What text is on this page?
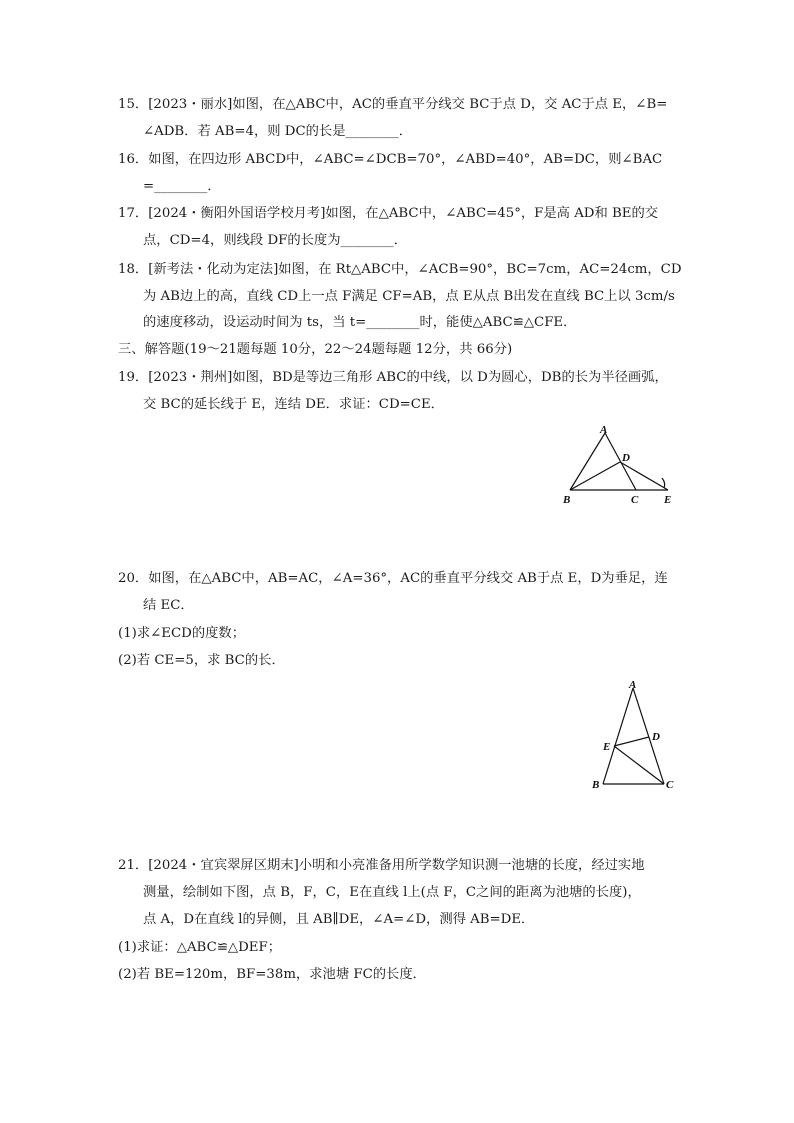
15．[2023・丽水]如图，在△ABC中，AC的垂直平分线交 BC于点 D，交 AC于点 E，∠B=
∠ADB．若 AB=4，则 DC的长是________．
16．如图，在四边形 ABCD中，∠ABC=∠DCB=70°，∠ABD=40°，AB=DC，则∠BAC
=________．
17．[2024・衡阳外国语学校月考]如图，在△ABC中，∠ABC=45°，F是高 AD和 BE的交
点，CD=4，则线段 DF的长度为________．
18．[新考法・化动为定法]如图，在 Rt△ABC中，∠ACB=90°，BC=7cm，AC=24cm，CD
为 AB边上的高，直线 CD上一点 F满足 CF=AB，点 E从点 B出发在直线 BC上以 3cm/s
的速度移动，设运动时间为 ts，当 t=________时，能使△ABC≌△CFE．
三、解答题(19～21题每题 10分，22～24题每题 12分，共 66分)
19．[2023・荆州]如图，BD是等边三角形 ABC的中线，以 D为圆心，DB的长为半径画弧，
交 BC的延长线于 E，连结 DE．求证：CD=CE．
A
D
B	C E
20．如图，在△ABC中，AB=AC，∠A=36°，AC的垂直平分线交 AB于点 E，D为垂足，连
结 EC．
(1)求∠ECD的度数；
(2)若 CE=5，求 BC的长．
A
D
E
B	C
21．[2024・宜宾翠屏区期末]小明和小亮准备用所学数学知识测一池塘的长度，经过实地
测量，绘制如下图，点 B，F，C，E在直线 l上(点 F，C之间的距离为池塘的长度)，
点 A，D在直线 l的异侧，且 AB∥DE，∠A=∠D，测得 AB=DE．
(1)求证：△ABC≌△DEF；
(2)若 BE=120m，BF=38m，求池塘 FC的长度．
